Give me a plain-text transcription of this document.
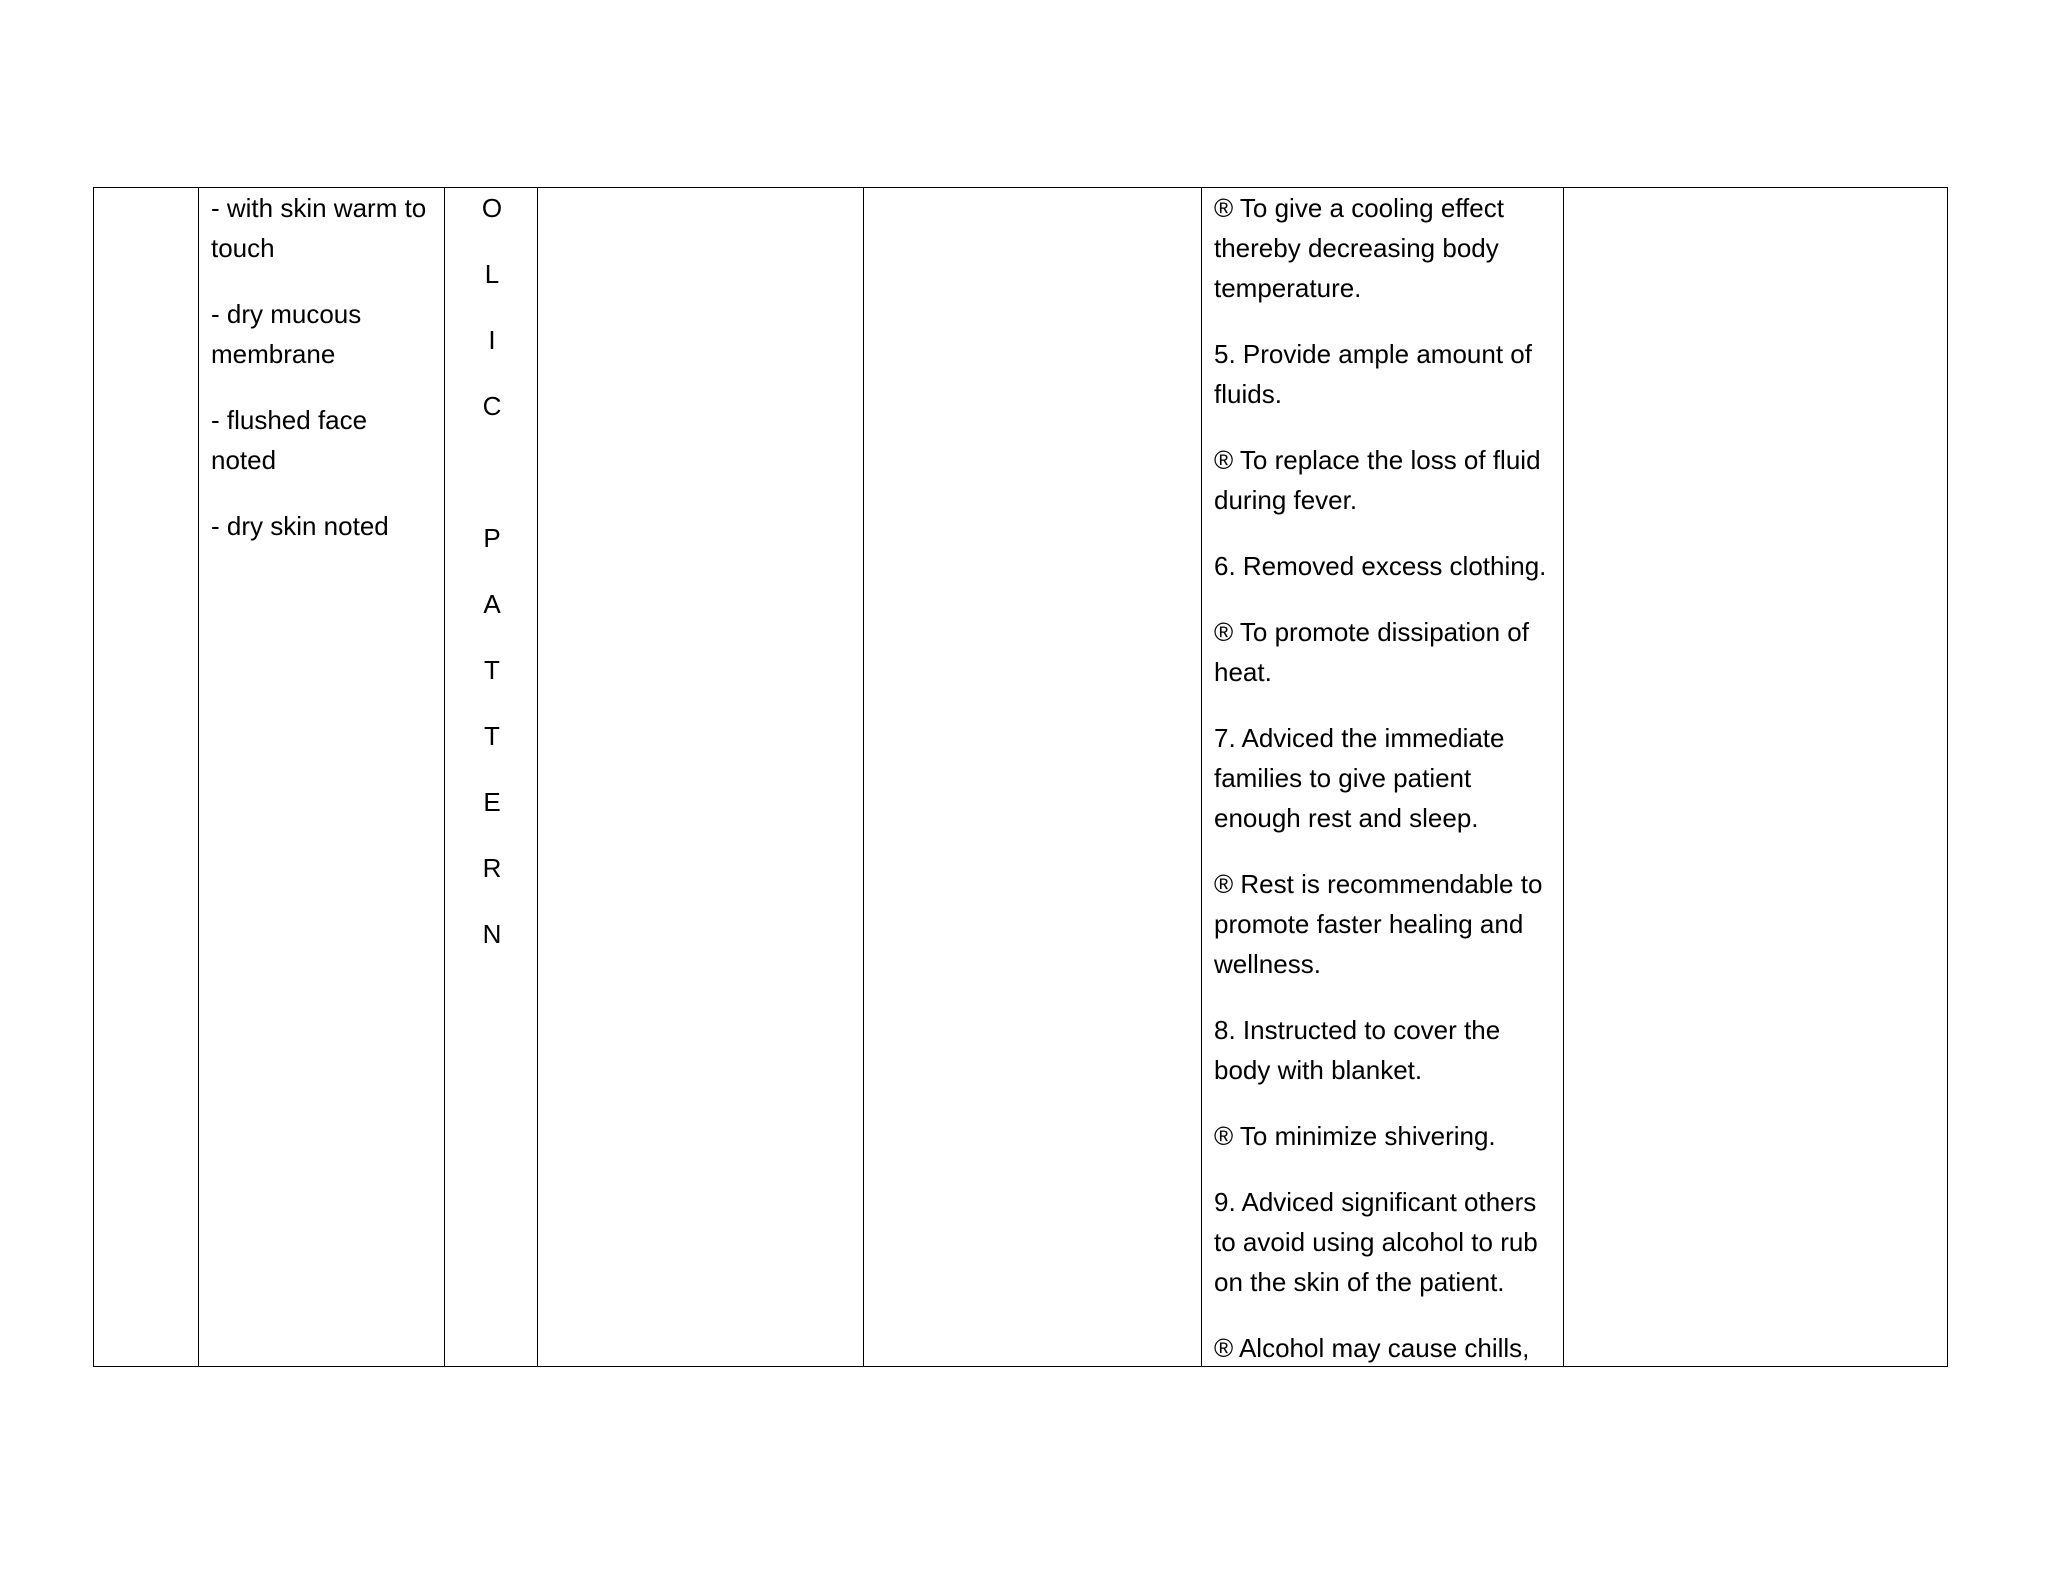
- with skin warm to touch

- dry mucous membrane

- flushed face noted

- dry skin noted

O
L
I
C
P
A
T
T
E
R
N

® To give a cooling effect thereby decreasing body temperature.

5. Provide ample amount of fluids.

® To replace the loss of fluid during fever.

6. Removed excess clothing.

® To promote dissipation of heat.

7. Adviced the immediate families to give patient enough rest and sleep.

® Rest is recommendable to promote faster healing and wellness.

8. Instructed to cover the body with blanket.

® To minimize shivering.

9. Adviced significant others to avoid using alcohol to rub on the skin of the patient.

® Alcohol may cause chills,
